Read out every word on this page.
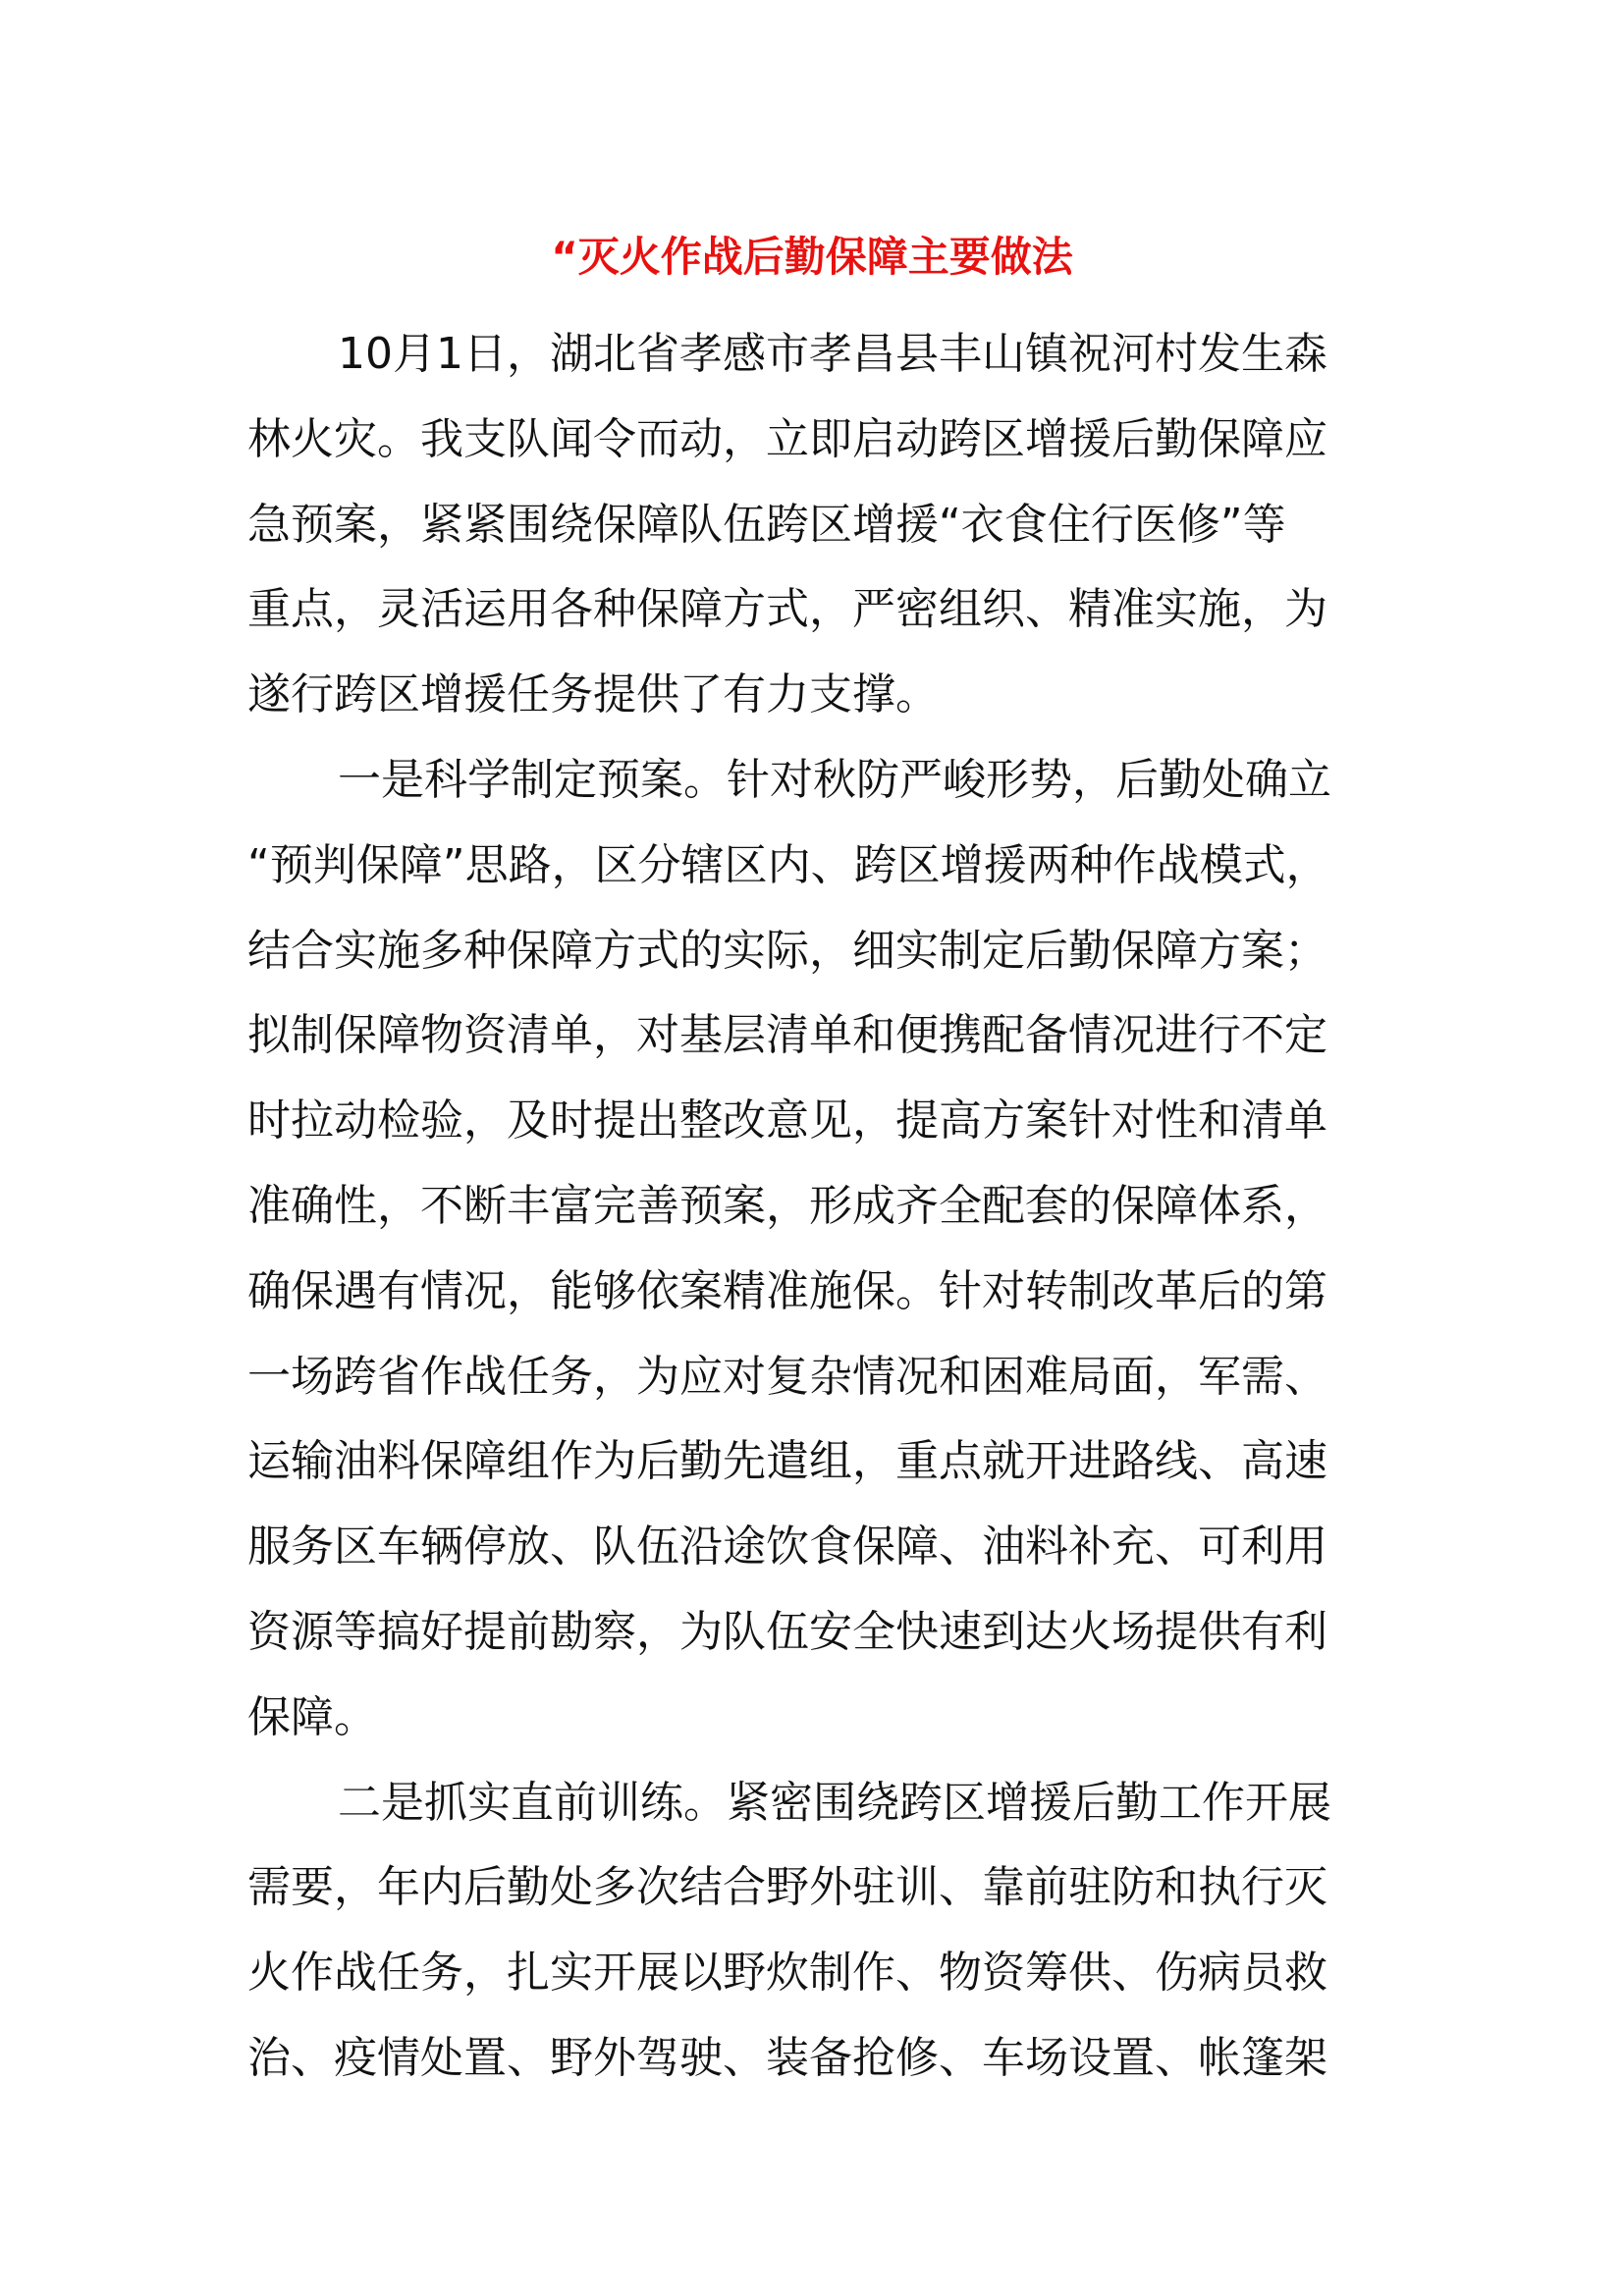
“灭火作战后勤保障主要做法

10月1日，湖北省孝感市孝昌县丰山镇祝河村发生森
林火灾。我支队闻令而动，立即启动跨区增援后勤保障应
急预案，紧紧围绕保障队伍跨区增援“衣食住行医修”等
重点，灵活运用各种保障方式，严密组织、精准实施，为
遂行跨区增援任务提供了有力支撑。

一是科学制定预案。针对秋防严峻形势，后勤处确立
“预判保障”思路，区分辖区内、跨区增援两种作战模式，
结合实施多种保障方式的实际，细实制定后勤保障方案；
拟制保障物资清单，对基层清单和便携配备情况进行不定
时拉动检验，及时提出整改意见，提高方案针对性和清单
准确性，不断丰富完善预案，形成齐全配套的保障体系，
确保遇有情况，能够依案精准施保。针对转制改革后的第
一场跨省作战任务，为应对复杂情况和困难局面，军需、
运输油料保障组作为后勤先遣组，重点就开进路线、高速
服务区车辆停放、队伍沿途饮食保障、油料补充、可利用
资源等搞好提前勘察，为队伍安全快速到达火场提供有利
保障。

二是抓实直前训练。紧密围绕跨区增援后勤工作开展
需要，年内后勤处多次结合野外驻训、靠前驻防和执行灭
火作战任务，扎实开展以野炊制作、物资筹供、伤病员救
治、疫情处置、野外驾驶、装备抢修、车场设置、帐篷架
